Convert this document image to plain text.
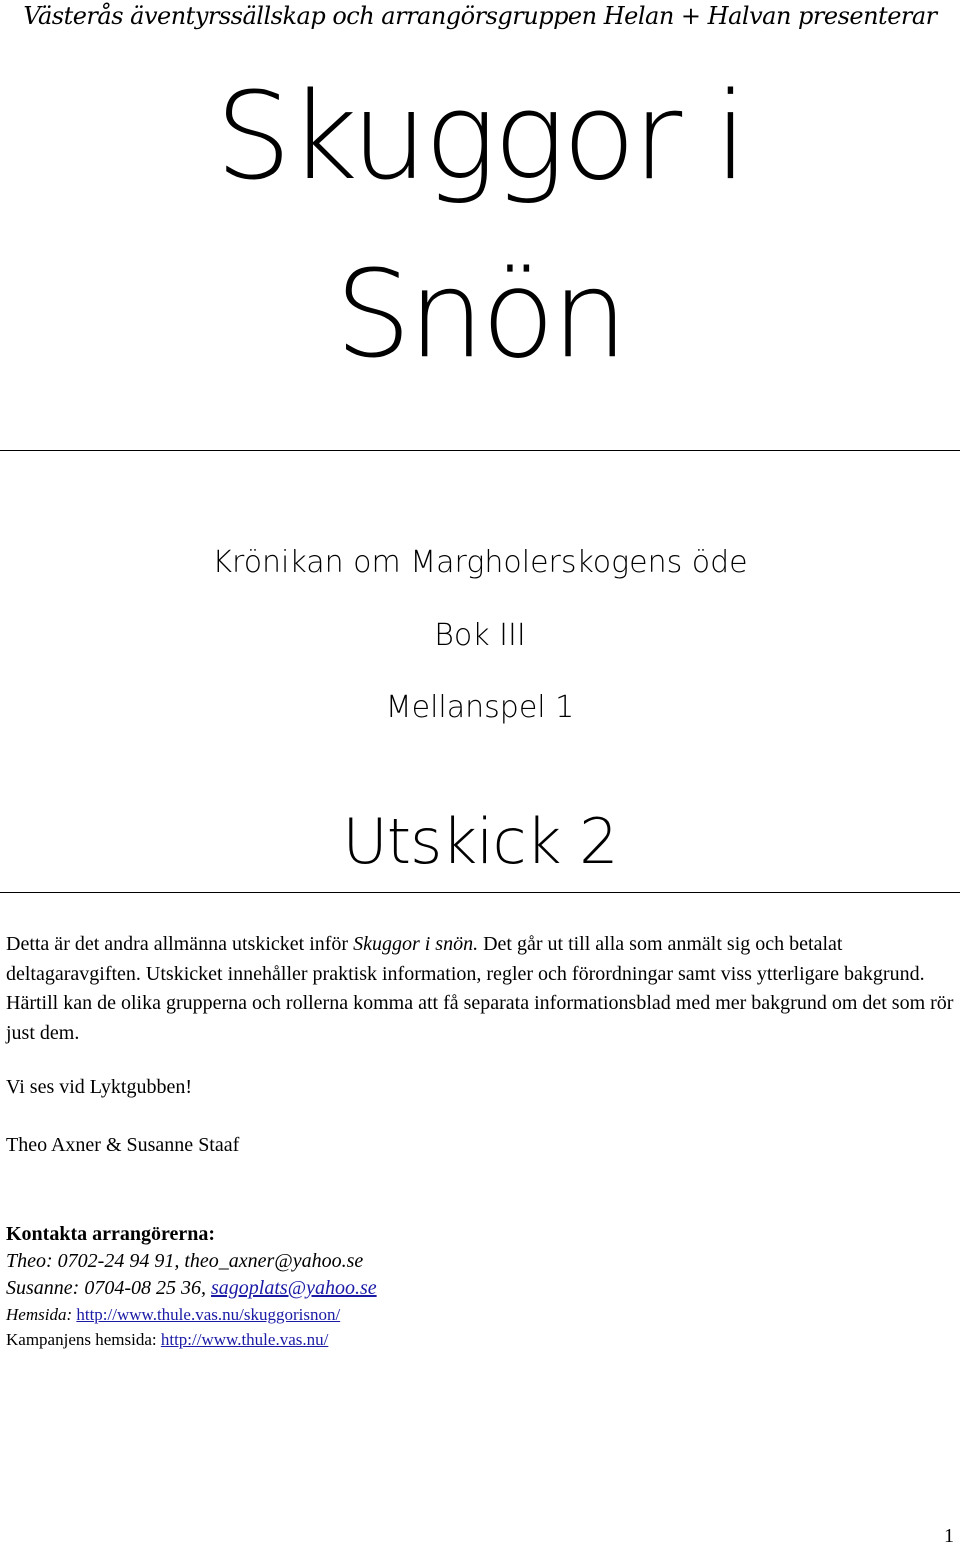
Västerås äventyrssällskap och arrangörsgruppen Helan + Halvan presenterar
Skuggor i
Snön
Krönikan om Margholerskogens öde
Bok III
Mellanspel 1
Utskick 2

Detta är det andra allmänna utskicket inför Skuggor i snön. Det går ut till alla som anmält sig och betalat deltagaravgiften. Utskicket innehåller praktisk information, regler och förordningar samt viss ytterligare bakgrund. Härtill kan de olika grupperna och rollerna komma att få separata informationsblad med mer bakgrund om det som rör just dem.

Vi ses vid Lyktgubben!

Theo Axner & Susanne Staaf

Kontakta arrangörerna:
Theo: 0702-24 94 91, theo_axner@yahoo.se
Susanne: 0704-08 25 36, sagoplats@yahoo.se
Hemsida: http://www.thule.vas.nu/skuggorisnon/
Kampanjens hemsida: http://www.thule.vas.nu/
1
